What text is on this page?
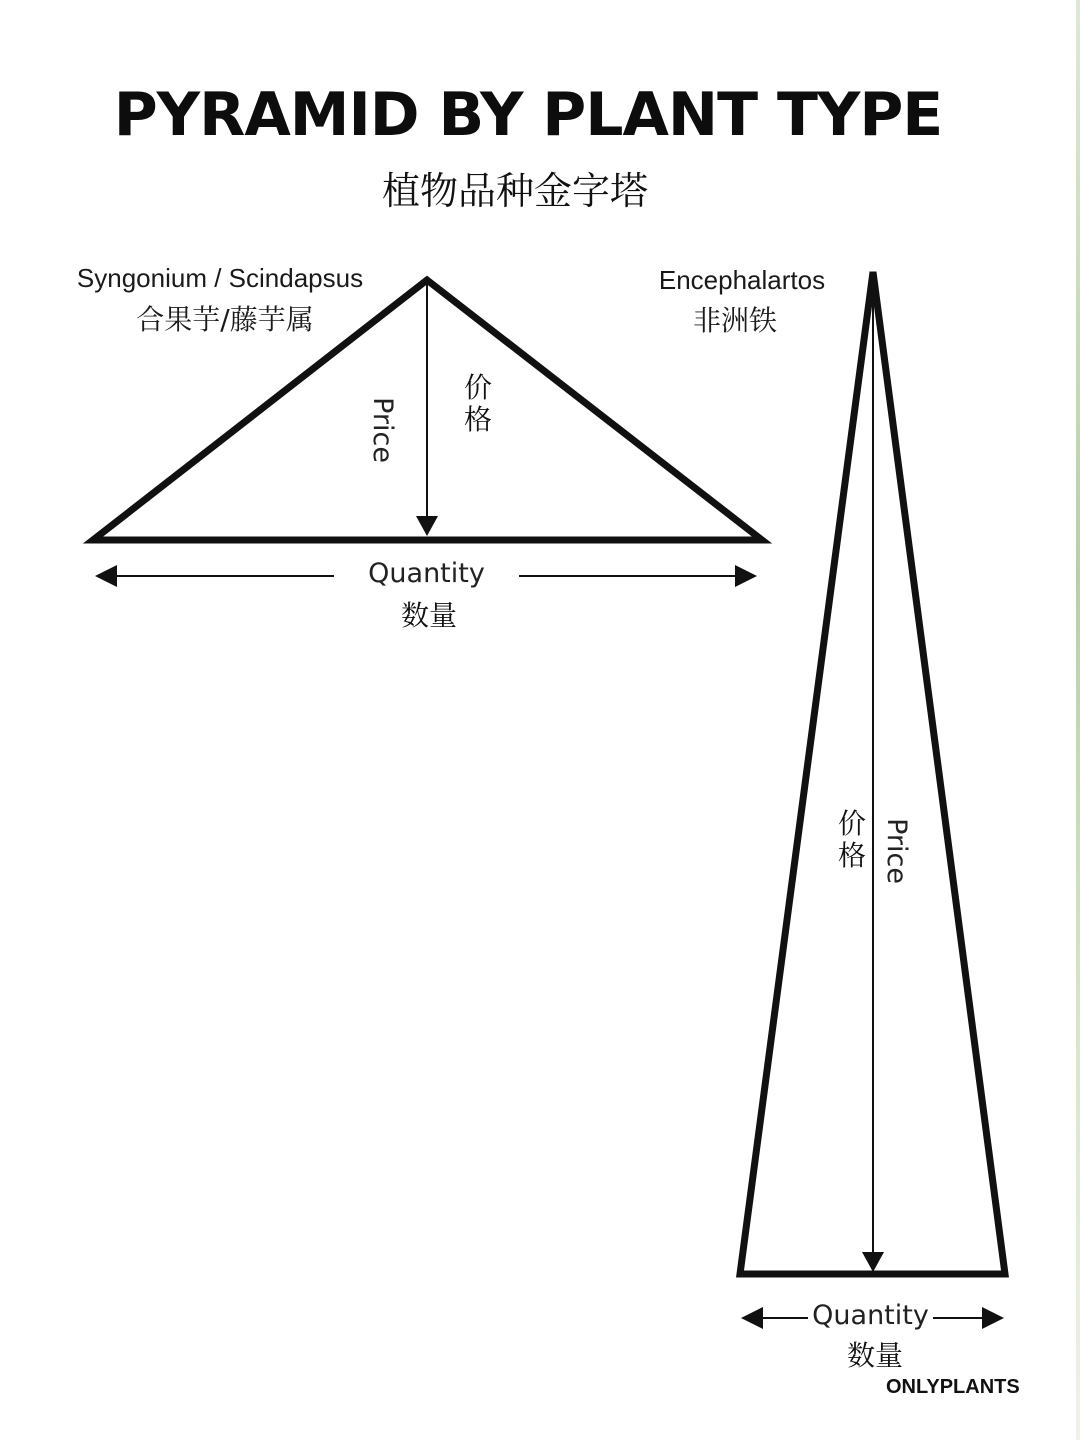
PYRAMID BY PLANT TYPE
植物品种金字塔
Syngonium / Scindapsus
合果芋/藤芋属
Price
价格
Quantity
数量
Encephalartos
非洲铁
价格 Price
Quantity
数量
ONLYPLANTS
